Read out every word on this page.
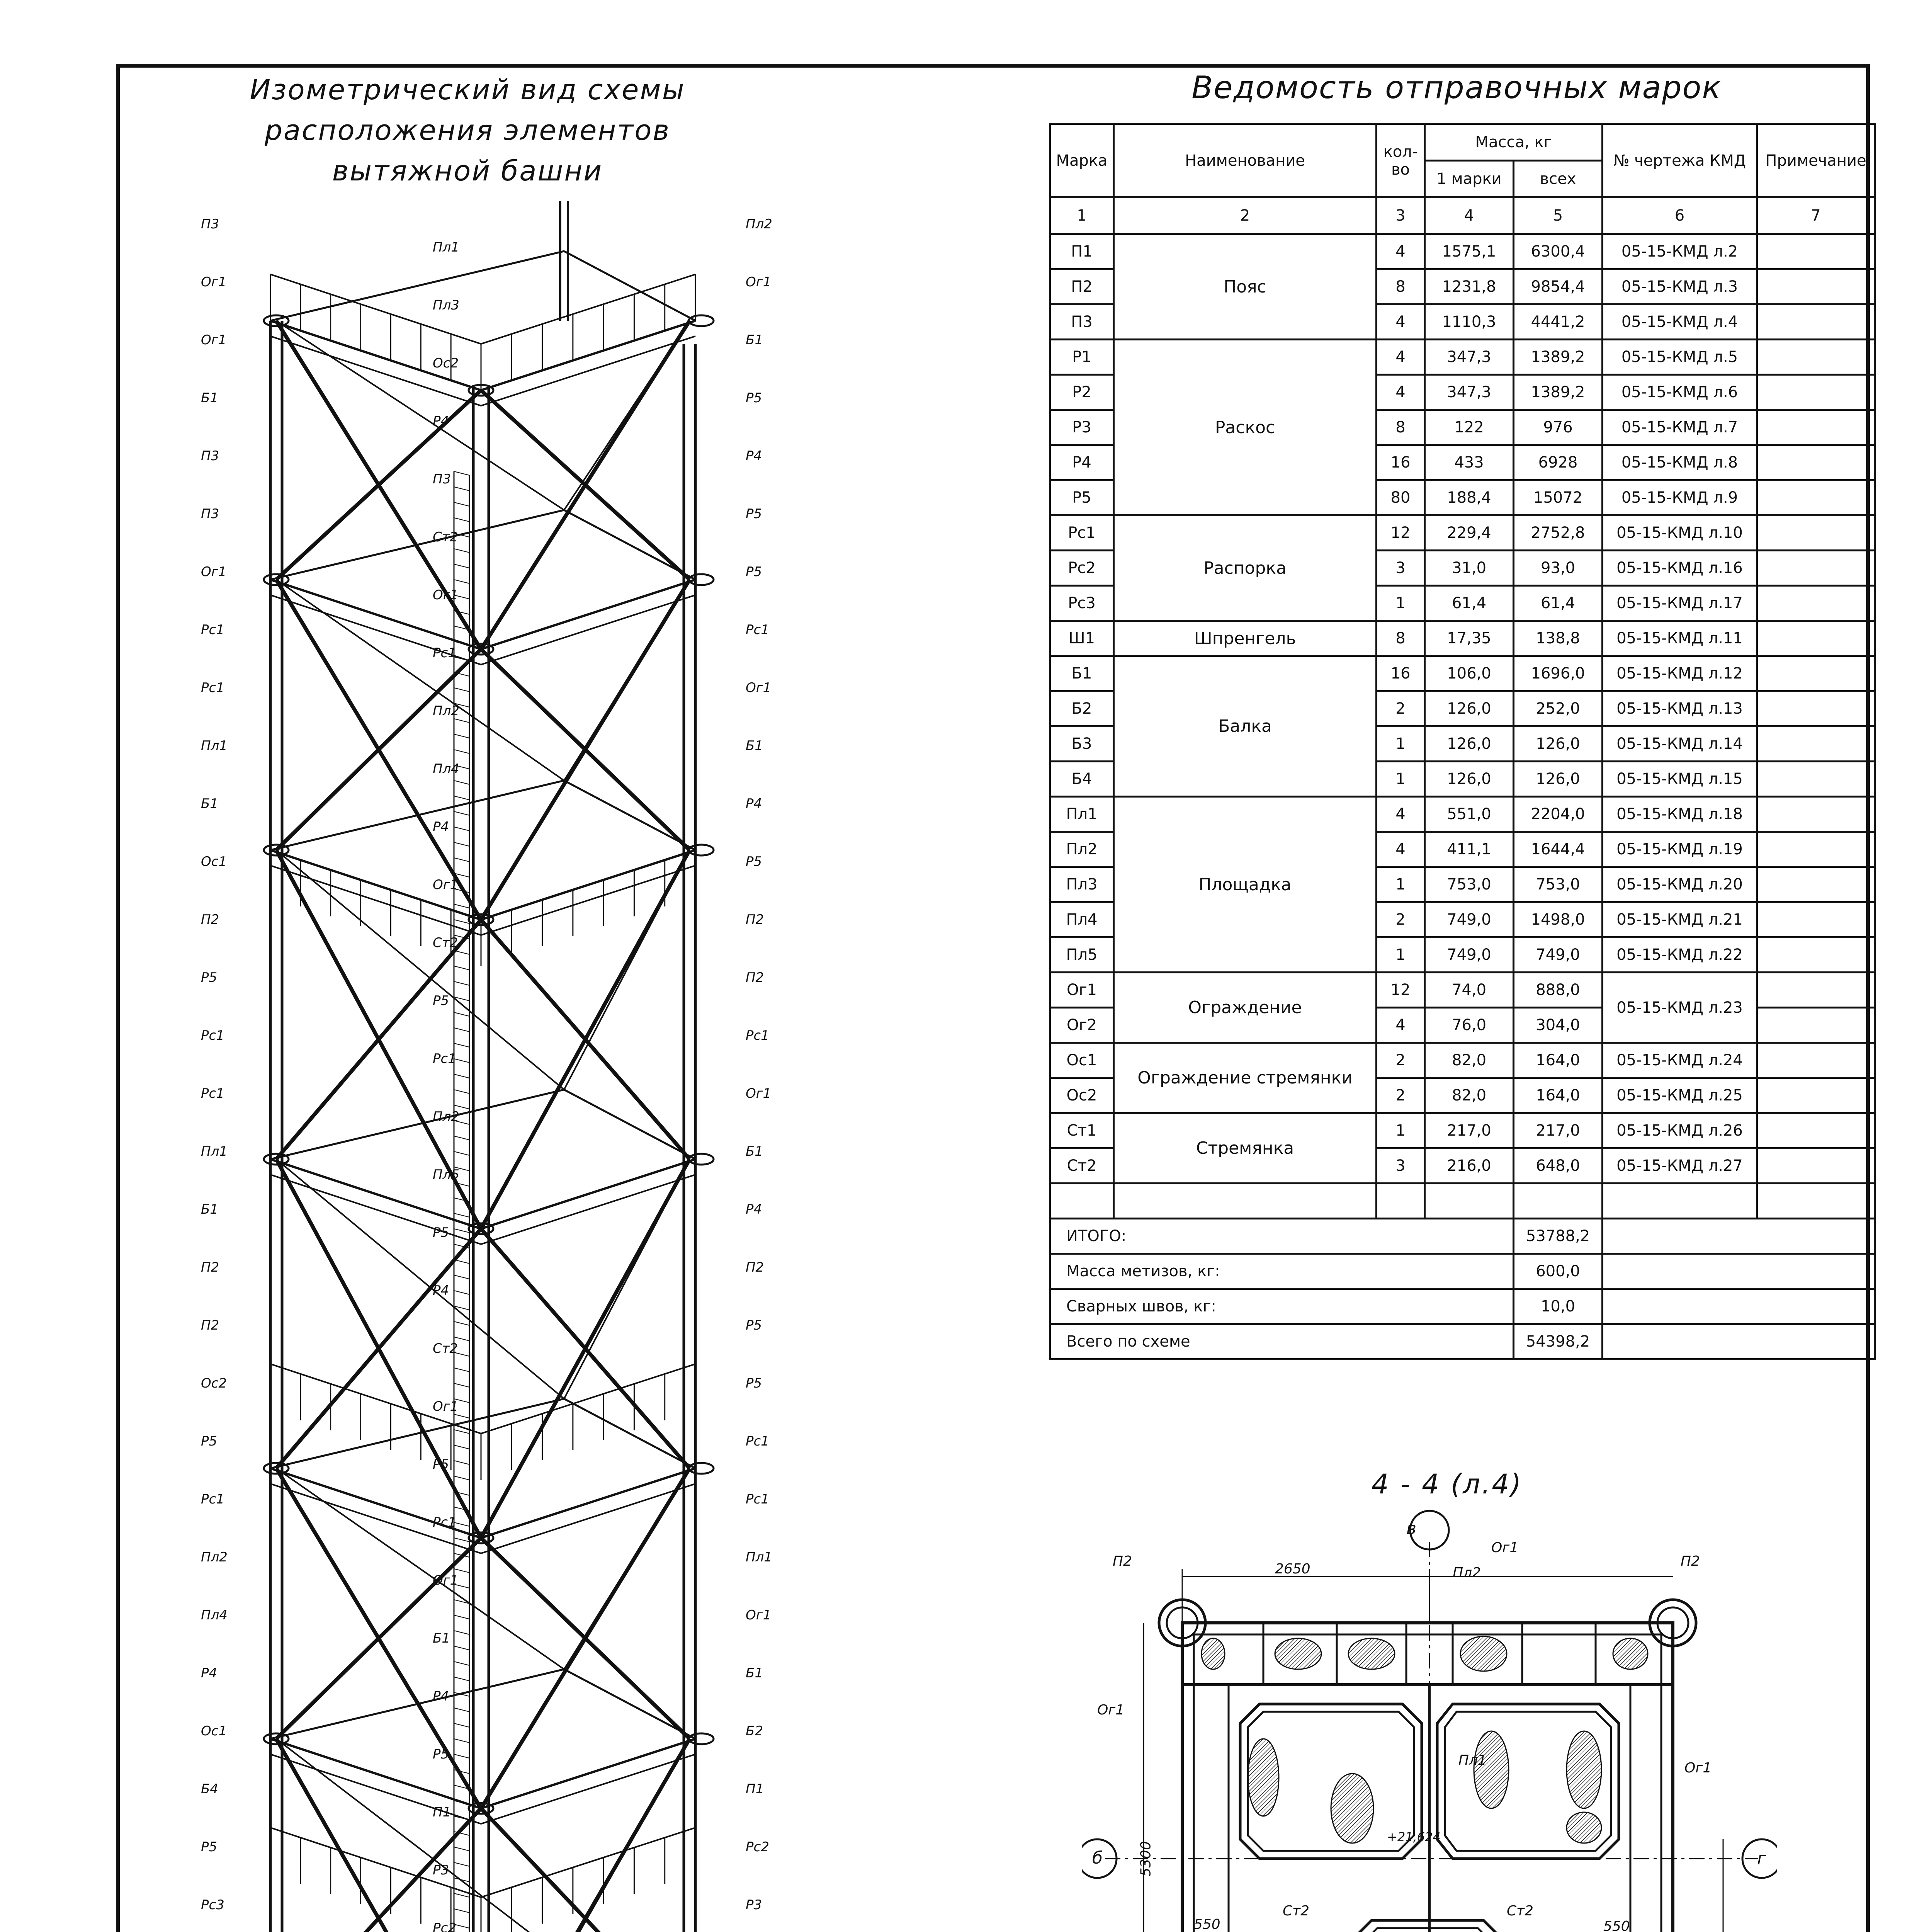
Изометрический вид схемы
расположения элементов
вытяжной башни
П3
Пл1
Пл2
Ог1
Пл3
Ог1
Ог1
Ос2
Б1
Б1
Р4
Р5
П3
П3
Р4
П3
Ст2
Р5
Ог1
Ог1
Р5
Рс1
Рс1
Рс1
Рс1
Пл2
Ог1
Пл1
Пл4
Б1
Б1
Р4
Р4
Ос1
Ог1
Р5
П2
Ст2
П2
Р5
Р5
П2
Рс1
Рс1
Рс1
Рс1
Пл2
Ог1
Пл1
Пл5
Б1
Б1
Р5
Р4
П2
Р4
П2
П2
Ст2
Р5
Ос2
Ог1
Р5
Р5
Р5
Рс1
Рс1
Рс1
Рс1
Пл2
Ог1
Пл1
Пл4
Б1
Ог1
Р4
Р4
Б1
Ос1
Р5
Б2
Б4
П1
П1
Р5
Р3
Рс2
Рс3
Рс2
Р3
Ведомость отправочных марок
Марка	Наименование	кол-во	Масса, кг		№ чертежа КМД	Примечание
			1 марки	всех		
1	2	3	4	5	6	7
П1	Пояс	4	1575,1	6300,4	05-15-КМД л.2	
П2		8	1231,8	9854,4	05-15-КМД л.3	
П3		4	1110,3	4441,2	05-15-КМД л.4	
Р1	Раскос	4	347,3	1389,2	05-15-КМД л.5	
Р2		4	347,3	1389,2	05-15-КМД л.6	
Р3		8	122	976	05-15-КМД л.7	
Р4		16	433	6928	05-15-КМД л.8	
Р5		80	188,4	15072	05-15-КМД л.9	
Рс1	Распорка	12	229,4	2752,8	05-15-КМД л.10	
Рс2		3	31,0	93,0	05-15-КМД л.16	
Рс3		1	61,4	61,4	05-15-КМД л.17	
Ш1	Шпренгель	8	17,35	138,8	05-15-КМД л.11	
Б1	Балка	16	106,0	1696,0	05-15-КМД л.12	
Б2		2	126,0	252,0	05-15-КМД л.13	
Б3		1	126,0	126,0	05-15-КМД л.14	
Б4		1	126,0	126,0	05-15-КМД л.15	
Пл1	Площадка	4	551,0	2204,0	05-15-КМД л.18	
Пл2		4	411,1	1644,4	05-15-КМД л.19	
Пл3		1	753,0	753,0	05-15-КМД л.20	
Пл4		2	749,0	1498,0	05-15-КМД л.21	
Пл5		1	749,0	749,0	05-15-КМД л.22	
Ог1	Ограждение	12	74,0	888,0	05-15-КМД л.23	
Ог2		4	76,0	304,0		
Ос1	Ограждение стремянки	2	82,0	164,0	05-15-КМД л.24	
Ос2		2	82,0	164,0	05-15-КМД л.25	
Ст1	Стремянка	1	217,0	217,0	05-15-КМД л.26	
Ст2		3	216,0	648,0	05-15-КМД л.27	

ИТОГО:				53788,2		
Масса метизов, кг:				600,0		
Сварных швов, кг:				10,0		
Всего по схеме				54398,2		
4 - 4 (л.4)
в
б	г
2650
5300
550	550
+21,624
П2	П2
Ог1
Ог1
Ог1
Пл2
Пл1
Ст2	Ст2
